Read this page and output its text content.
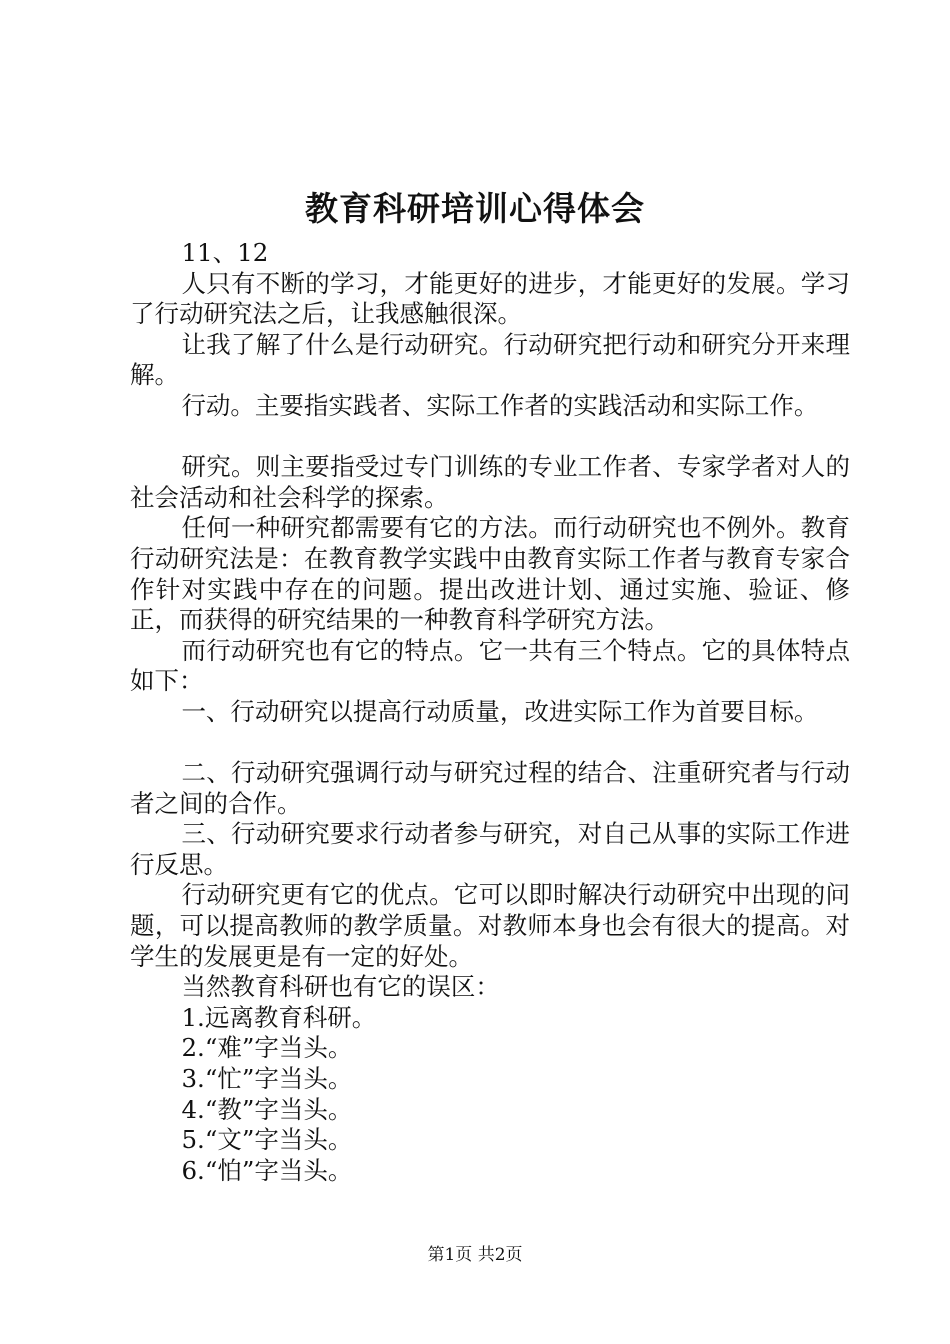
教育科研培训心得体会

11、12

人只有不断的学习，才能更好的进步，才能更好的发展。学习了行动研究法之后，让我感触很深。

让我了解了什么是行动研究。行动研究把行动和研究分开来理解。

行动。主要指实践者、实际工作者的实践活动和实际工作。

研究。则主要指受过专门训练的专业工作者、专家学者对人的社会活动和社会科学的探索。

任何一种研究都需要有它的方法。而行动研究也不例外。教育行动研究法是：在教育教学实践中由教育实际工作者与教育专家合作针对实践中存在的问题。提出改进计划、通过实施、验证、修正，而获得的研究结果的一种教育科学研究方法。

而行动研究也有它的特点。它一共有三个特点。它的具体特点如下：

一、行动研究以提高行动质量，改进实际工作为首要目标。

二、行动研究强调行动与研究过程的结合、注重研究者与行动者之间的合作。

三、行动研究要求行动者参与研究，对自己从事的实际工作进行反思。

行动研究更有它的优点。它可以即时解决行动研究中出现的问题，可以提高教师的教学质量。对教师本身也会有很大的提高。对学生的发展更是有一定的好处。

当然教育科研也有它的误区：

1.远离教育科研。

2.“难”字当头。

3.“忙”字当头。

4.“教”字当头。

5.“文”字当头。

6.“怕”字当头。

第1页 共2页
